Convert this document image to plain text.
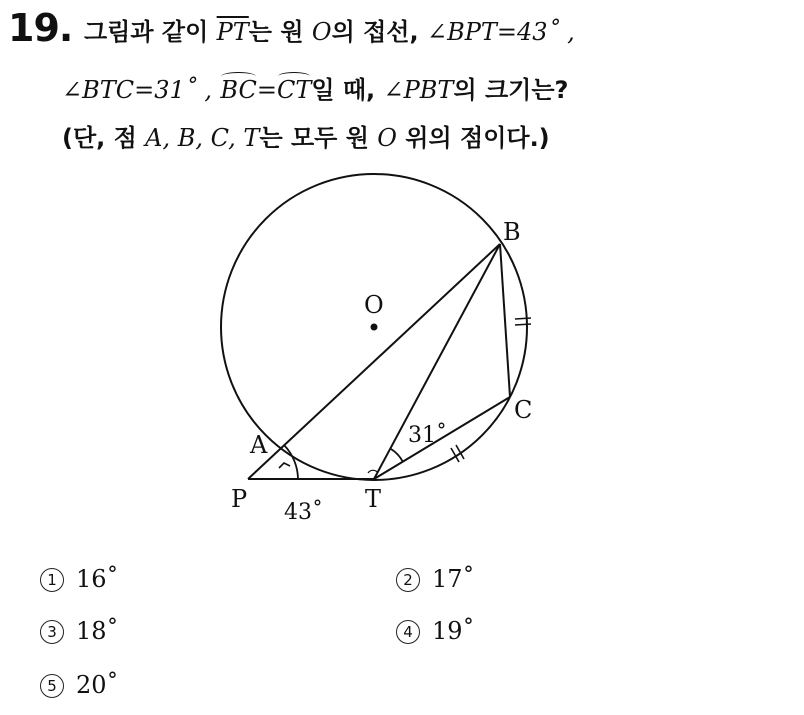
19. 그림과 같이 $\overline{PT}$는 원 O의 접선, ∠BPT=43˚ ,
∠BTC=31˚ , BC=CT일 때, ∠PBT의 크기는?
(단, 점 A, B, C, T는 모두 원 O 위의 점이다.)
B
O
C
A
P	T
43˚
31˚
1 16˚	2 17˚
3 18˚	4 19˚
5 20˚
